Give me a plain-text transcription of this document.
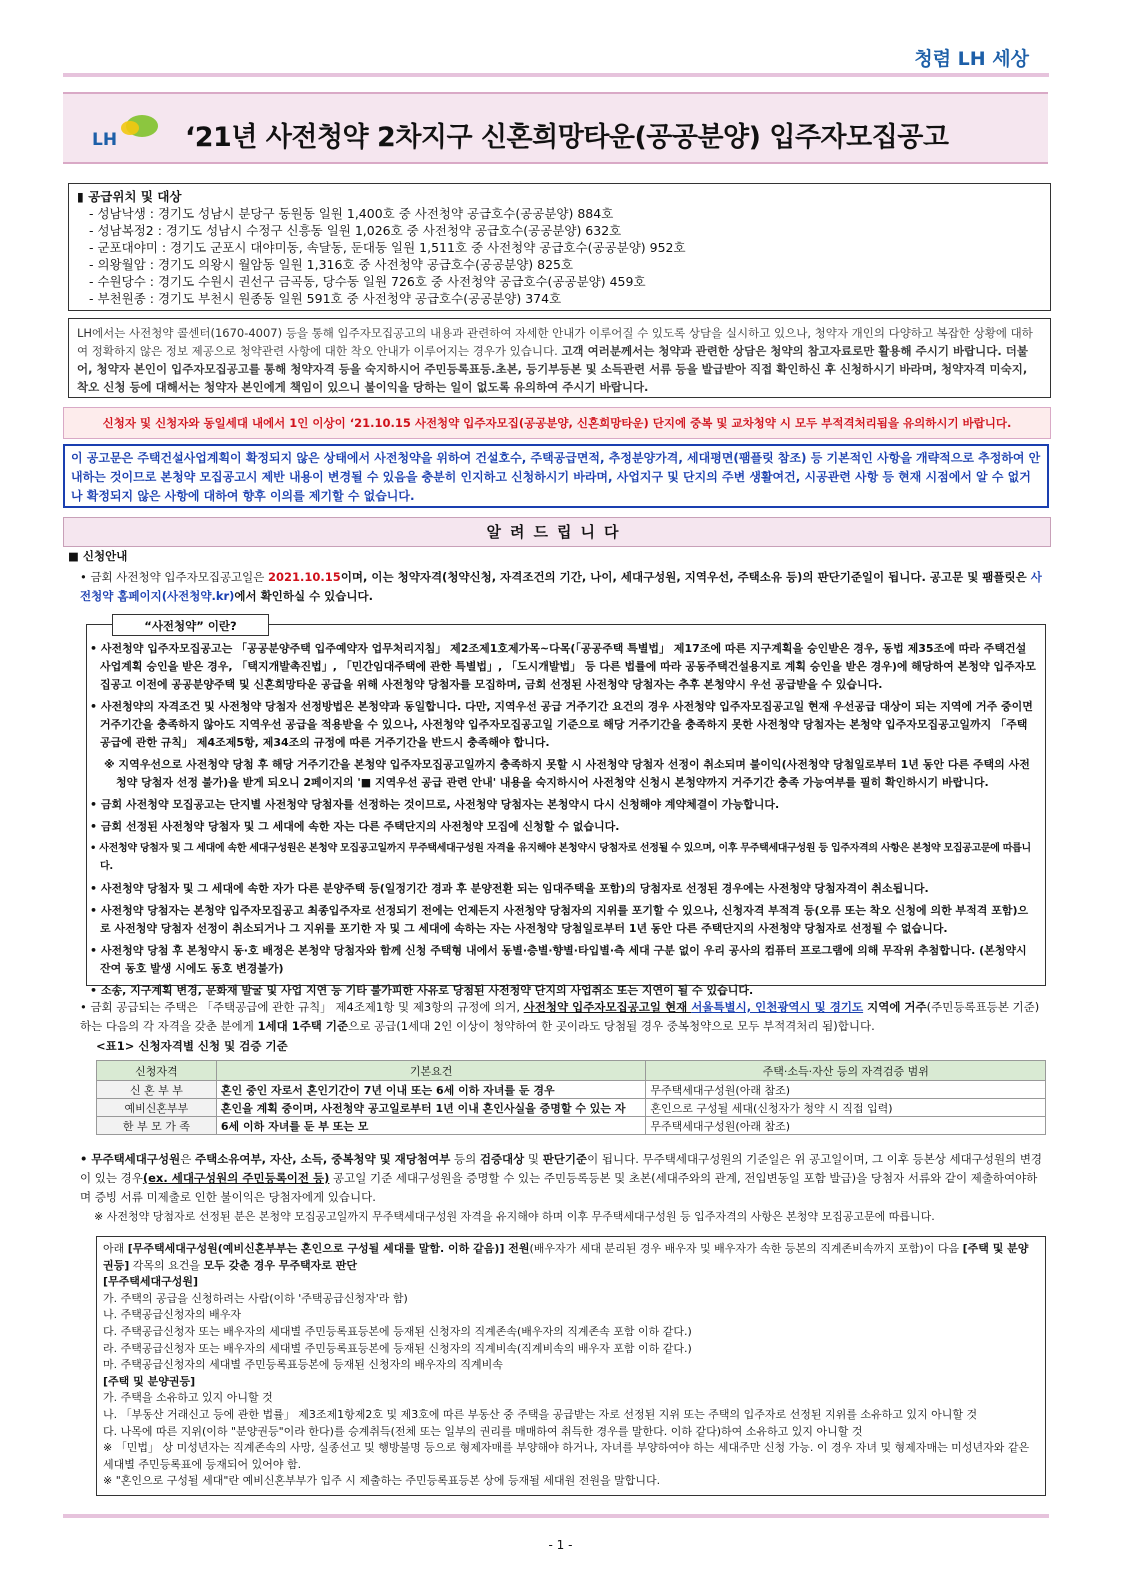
청렴 LH 세상
LH	‘21년 사전청약 2차지구 신혼희망타운(공공분양) 입주자모집공고
▮ 공급위치 및 대상
- 성남낙생 : 경기도 성남시 분당구 동원동 일원 1,400호 중 사전청약 공급호수(공공분양) 884호
- 성남복정2 : 경기도 성남시 수정구 신흥동 일원 1,026호 중 사전청약 공급호수(공공분양) 632호
- 군포대야미 : 경기도 군포시 대야미동, 속달동, 둔대동 일원 1,511호 중 사전청약 공급호수(공공분양) 952호
- 의왕월암 : 경기도 의왕시 월암동 일원 1,316호 중 사전청약 공급호수(공공분양) 825호
- 수원당수 : 경기도 수원시 권선구 금곡동, 당수동 일원 726호 중 사전청약 공급호수(공공분양) 459호
- 부천원종 : 경기도 부천시 원종동 일원 591호 중 사전청약 공급호수(공공분양) 374호
LH에서는 사전청약 콜센터(1670-4007) 등을 통해 입주자모집공고의 내용과 관련하여 자세한 안내가 이루어질 수 있도록 상담을 실시하고 있으나, 청약자 개인의 다양하고 복잡한 상황에 대하여 정확하지 않은 정보 제공으로 청약관련 사항에 대한 착오 안내가 이루어지는 경우가 있습니다. 고객 여러분께서는 청약과 관련한 상담은 청약의 참고자료로만 활용해 주시기 바랍니다. 더불어, 청약자 본인이 입주자모집공고를 통해 청약자격 등을 숙지하시어 주민등록표등.초본, 등기부등본 및 소득관련 서류 등을 발급받아 직접 확인하신 후 신청하시기 바라며, 청약자격 미숙지, 착오 신청 등에 대해서는 청약자 본인에게 책임이 있으니 불이익을 당하는 일이 없도록 유의하여 주시기 바랍니다.
신청자 및 신청자와 동일세대 내에서 1인 이상이 ‘21.10.15 사전청약 입주자모집(공공분양, 신혼희망타운) 단지에 중복 및 교차청약 시 모두 부적격처리됨을 유의하시기 바랍니다.
이 공고문은 주택건설사업계획이 확정되지 않은 상태에서 사전청약을 위하여 건설호수, 주택공급면적, 추정분양가격, 세대평면(팸플릿 참조) 등 기본적인 사항을 개략적으로 추정하여 안내하는 것이므로 본청약 모집공고시 제반 내용이 변경될 수 있음을 충분히 인지하고 신청하시기 바라며, 사업지구 및 단지의 주변 생활여건, 시공관련 사항 등 현재 시점에서 알 수 없거나 확정되지 않은 사항에 대하여 향후 이의를 제기할 수 없습니다.
알려드립니다
■ 신청안내
• 금회 사전청약 입주자모집공고일은 2021.10.15이며, 이는 청약자격(청약신청, 자격조건의 기간, 나이, 세대구성원, 지역우선, 주택소유 등)의 판단기준일이 됩니다. 공고문 및 팸플릿은 사전청약 홈페이지(사전청약.kr)에서 확인하실 수 있습니다.
“사전청약” 이란?
• 사전청약 입주자모집공고는 「공공분양주택 입주예약자 업무처리지침」 제2조제1호제가목~다목(「공공주택 특별법」 제17조에 따른 지구계획을 승인받은 경우, 동법 제35조에 따라 주택건설 사업계획 승인을 받은 경우, 「택지개발촉진법」, 「민간임대주택에 관한 특별법」, 「도시개발법」 등 다른 법률에 따라 공동주택건설용지로 계획 승인을 받은 경우)에 해당하여 본청약 입주자모집공고 이전에 공공분양주택 및 신혼희망타운 공급을 위해 사전청약 당첨자를 모집하며, 금회 선정된 사전청약 당첨자는 추후 본청약시 우선 공급받을 수 있습니다.
• 사전청약의 자격조건 및 사전청약 당첨자 선정방법은 본청약과 동일합니다. 다만, 지역우선 공급 거주기간 요건의 경우 사전청약 입주자모집공고일 현재 우선공급 대상이 되는 지역에 거주 중이면 거주기간을 충족하지 않아도 지역우선 공급을 적용받을 수 있으나, 사전청약 입주자모집공고일 기준으로 해당 거주기간을 충족하지 못한 사전청약 당첨자는 본청약 입주자모집공고일까지 「주택공급에 관한 규칙」 제4조제5항, 제34조의 규정에 따른 거주기간을 반드시 충족해야 합니다.
※ 지역우선으로 사전청약 당첨 후 해당 거주기간을 본청약 입주자모집공고일까지 충족하지 못할 시 사전청약 당첨자 선정이 취소되며 불이익(사전청약 당첨일로부터 1년 동안 다른 주택의 사전청약 당첨자 선정 불가)을 받게 되오니 2페이지의 '■ 지역우선 공급 관련 안내' 내용을 숙지하시어 사전청약 신청시 본청약까지 거주기간 충족 가능여부를 필히 확인하시기 바랍니다.
• 금회 사전청약 모집공고는 단지별 사전청약 당첨자를 선정하는 것이므로, 사전청약 당첨자는 본청약시 다시 신청해야 계약체결이 가능합니다.
• 금회 선정된 사전청약 당첨자 및 그 세대에 속한 자는 다른 주택단지의 사전청약 모집에 신청할 수 없습니다.
• 사전청약 당첨자 및 그 세대에 속한 세대구성원은 본청약 모집공고일까지 무주택세대구성원 자격을 유지해야 본청약시 당첨자로 선정될 수 있으며, 이후 무주택세대구성원 등 입주자격의 사항은 본청약 모집공고문에 따릅니다.
• 사전청약 당첨자 및 그 세대에 속한 자가 다른 분양주택 등(일정기간 경과 후 분양전환 되는 임대주택을 포함)의 당첨자로 선정된 경우에는 사전청약 당첨자격이 취소됩니다.
• 사전청약 당첨자는 본청약 입주자모집공고 최종입주자로 선정되기 전에는 언제든지 사전청약 당첨자의 지위를 포기할 수 있으나, 신청자격 부적격 등(오류 또는 착오 신청에 의한 부적격 포함)으로 사전청약 당첨자 선정이 취소되거나 그 지위를 포기한 자 및 그 세대에 속하는 자는 사전청약 당첨일로부터 1년 동안 다른 주택단지의 사전청약 당첨자로 선정될 수 없습니다.
• 사전청약 당첨 후 본청약시 동·호 배정은 본청약 당첨자와 함께 신청 주택형 내에서 동별·층별·향별·타입별·측 세대 구분 없이 우리 공사의 컴퓨터 프로그램에 의해 무작위 추첨합니다. (본청약시 잔여 동호 발생 시에도 동호 변경불가)
• 소송, 지구계획 변경, 문화재 발굴 및 사업 지연 등 기타 불가피한 사유로 당첨된 사전청약 단지의 사업취소 또는 지연이 될 수 있습니다.
• 금회 공급되는 주택은 「주택공급에 관한 규칙」 제4조제1항 및 제3항의 규정에 의거, 사전청약 입주자모집공고일 현재 서울특별시, 인천광역시 및 경기도 지역에 거주(주민등록표등본 기준)하는 다음의 각 자격을 갖춘 분에게 1세대 1주택 기준으로 공급(1세대 2인 이상이 청약하여 한 곳이라도 당첨될 경우 중복청약으로 모두 부적격처리 됨)합니다.
<표1> 신청자격별 신청 및 검증 기준
신청자격	기본요건	주택·소득·자산 등의 자격검증 범위
신 혼 부 부	혼인 중인 자로서 혼인기간이 7년 이내 또는 6세 이하 자녀를 둔 경우	무주택세대구성원(아래 참조)
예비신혼부부	혼인을 계획 중이며, 사전청약 공고일로부터 1년 이내 혼인사실을 증명할 수 있는 자	혼인으로 구성될 세대(신청자가 청약 시 직접 입력)
한 부 모 가 족	6세 이하 자녀를 둔 부 또는 모	무주택세대구성원(아래 참조)
• 무주택세대구성원은 주택소유여부, 자산, 소득, 중복청약 및 재당첨여부 등의 검증대상 및 판단기준이 됩니다. 무주택세대구성원의 기준일은 위 공고일이며, 그 이후 등본상 세대구성원의 변경이 있는 경우(ex. 세대구성원의 주민등록이전 등) 공고일 기준 세대구성원을 증명할 수 있는 주민등록등본 및 초본(세대주와의 관계, 전입변동일 포함 발급)을 당첨자 서류와 같이 제출하여야하며 증빙 서류 미제출로 인한 불이익은 당첨자에게 있습니다.
※ 사전청약 당첨자로 선정된 분은 본청약 모집공고일까지 무주택세대구성원 자격을 유지해야 하며 이후 무주택세대구성원 등 입주자격의 사항은 본청약 모집공고문에 따릅니다.
아래 [무주택세대구성원(예비신혼부부는 혼인으로 구성될 세대를 말함. 이하 같음)] 전원(배우자가 세대 분리된 경우 배우자 및 배우자가 속한 등본의 직계존비속까지 포함)이 다음 [주택 및 분양권등] 각목의 요건을 모두 갖춘 경우 무주택자로 판단
[무주택세대구성원]
가. 주택의 공급을 신청하려는 사람(이하 '주택공급신청자'라 함)
나. 주택공급신청자의 배우자
다. 주택공급신청자 또는 배우자의 세대별 주민등록표등본에 등재된 신청자의 직계존속(배우자의 직계존속 포함 이하 같다.)
라. 주택공급신청자 또는 배우자의 세대별 주민등록표등본에 등재된 신청자의 직계비속(직계비속의 배우자 포함 이하 같다.)
마. 주택공급신청자의 세대별 주민등록표등본에 등재된 신청자의 배우자의 직계비속
[주택 및 분양권등]
가. 주택을 소유하고 있지 아니할 것
나. 「부동산 거래신고 등에 관한 법률」 제3조제1항제2호 및 제3호에 따른 부동산 중 주택을 공급받는 자로 선정된 지위 또는 주택의 입주자로 선정된 지위를 소유하고 있지 아니할 것
다. 나목에 따른 지위(이하 "분양권등"이라 한다)를 승계취득(전체 또는 일부의 권리를 매매하여 취득한 경우를 말한다. 이하 같다)하여 소유하고 있지 아니할 것
※ 「민법」 상 미성년자는 직계존속의 사망, 실종선고 및 행방불명 등으로 형제자매를 부양해야 하거나, 자녀를 부양하여야 하는 세대주만 신청 가능. 이 경우 자녀 및 형제자매는 미성년자와 같은 세대별 주민등록표에 등재되어 있어야 함.
※ "혼인으로 구성될 세대"란 예비신혼부부가 입주 시 제출하는 주민등록표등본 상에 등재될 세대원 전원을 말합니다.
- 1 -
